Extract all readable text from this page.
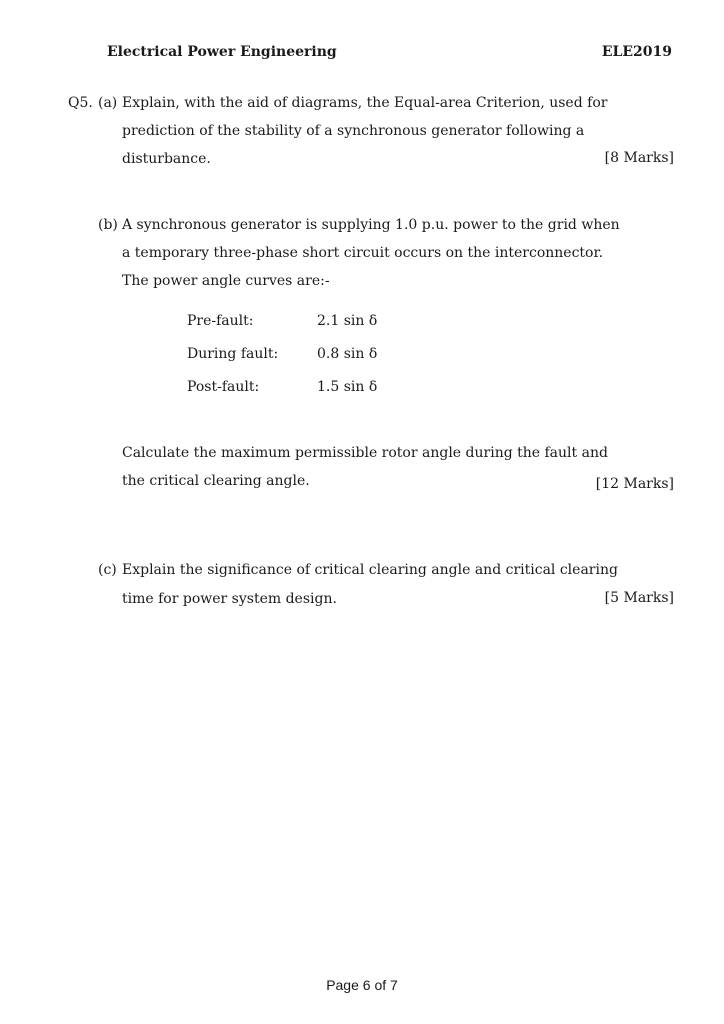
Electrical Power Engineering	ELE2019
Q5. (a) Explain, with the aid of diagrams, the Equal-area Criterion, used for
prediction of the stability of a synchronous generator following a
disturbance.	[8 Marks]
(b) A synchronous generator is supplying 1.0 p.u. power to the grid when
a temporary three-phase short circuit occurs on the interconnector.
The power angle curves are:-
Pre-fault:	2.1 sin δ
During fault:	0.8 sin δ
Post-fault:	1.5 sin δ
Calculate the maximum permissible rotor angle during the fault and
the critical clearing angle.	[12 Marks]
(c) Explain the significance of critical clearing angle and critical clearing
time for power system design.	[5 Marks]
Page 6 of 7
